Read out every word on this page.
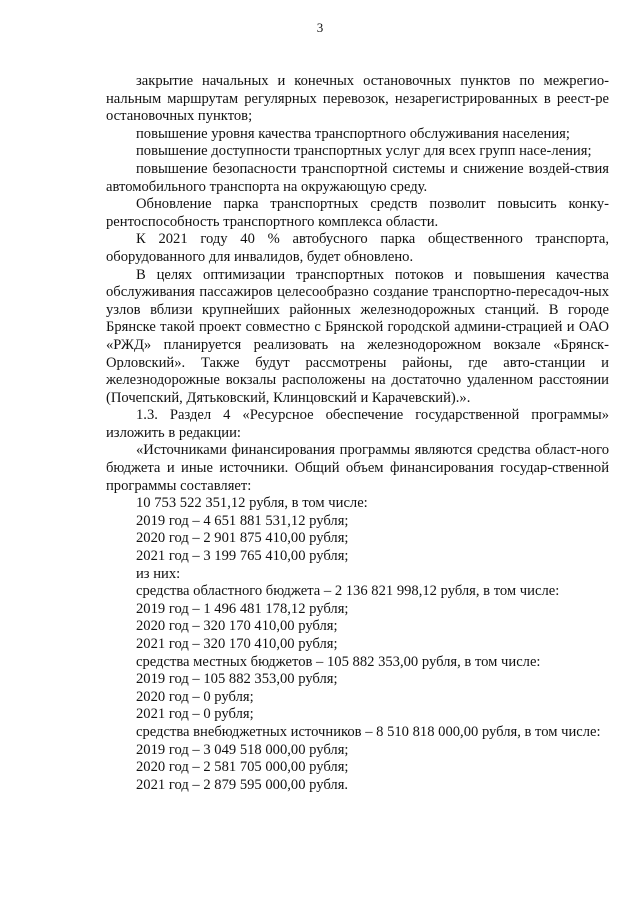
3

закрытие начальных и конечных остановочных пунктов по межрегио-нальным маршрутам регулярных перевозок, незарегистрированных в реест-ре остановочных пунктов;

повышение уровня качества транспортного обслуживания населения;

повышение доступности транспортных услуг для всех групп насе-ления;

повышение безопасности транспортной системы и снижение воздей-ствия автомобильного транспорта на окружающую среду.

Обновление парка транспортных средств позволит повысить конку-рентоспособность транспортного комплекса области.

К 2021 году 40 % автобусного парка общественного транспорта, оборудованного для инвалидов, будет обновлено.

В целях оптимизации транспортных потоков и повышения качества обслуживания пассажиров целесообразно создание транспортно-пересадоч-ных узлов вблизи крупнейших районных железнодорожных станций. В городе Брянске такой проект совместно с Брянской городской админи-страцией и ОАО «РЖД» планируется реализовать на железнодорожном вокзале «Брянск-Орловский». Также будут рассмотрены районы, где авто-станции и железнодорожные вокзалы расположены на достаточно удаленном расстоянии (Почепский, Дятьковский, Клинцовский и Карачевский).».

1.3. Раздел 4 «Ресурсное обеспечение государственной программы» изложить в редакции:

«Источниками финансирования программы являются средства област-ного бюджета и иные источники. Общий объем финансирования государ-ственной программы составляет:

10 753 522 351,12 рубля, в том числе:

2019 год – 4 651 881 531,12 рубля;

2020 год – 2 901 875 410,00 рубля;

2021 год – 3 199 765 410,00 рубля;

из них:

средства областного бюджета – 2 136 821 998,12 рубля, в том числе:

2019 год – 1 496 481 178,12 рубля;

2020 год – 320 170 410,00 рубля;

2021 год – 320 170 410,00 рубля;

средства местных бюджетов – 105 882 353,00 рубля, в том числе:

2019 год – 105 882 353,00 рубля;

2020 год – 0 рубля;

2021 год – 0 рубля;

средства внебюджетных источников – 8 510 818 000,00 рубля, в том числе:

2019 год – 3 049 518 000,00 рубля;

2020 год – 2 581 705 000,00 рубля;

2021 год – 2 879 595 000,00 рубля.
